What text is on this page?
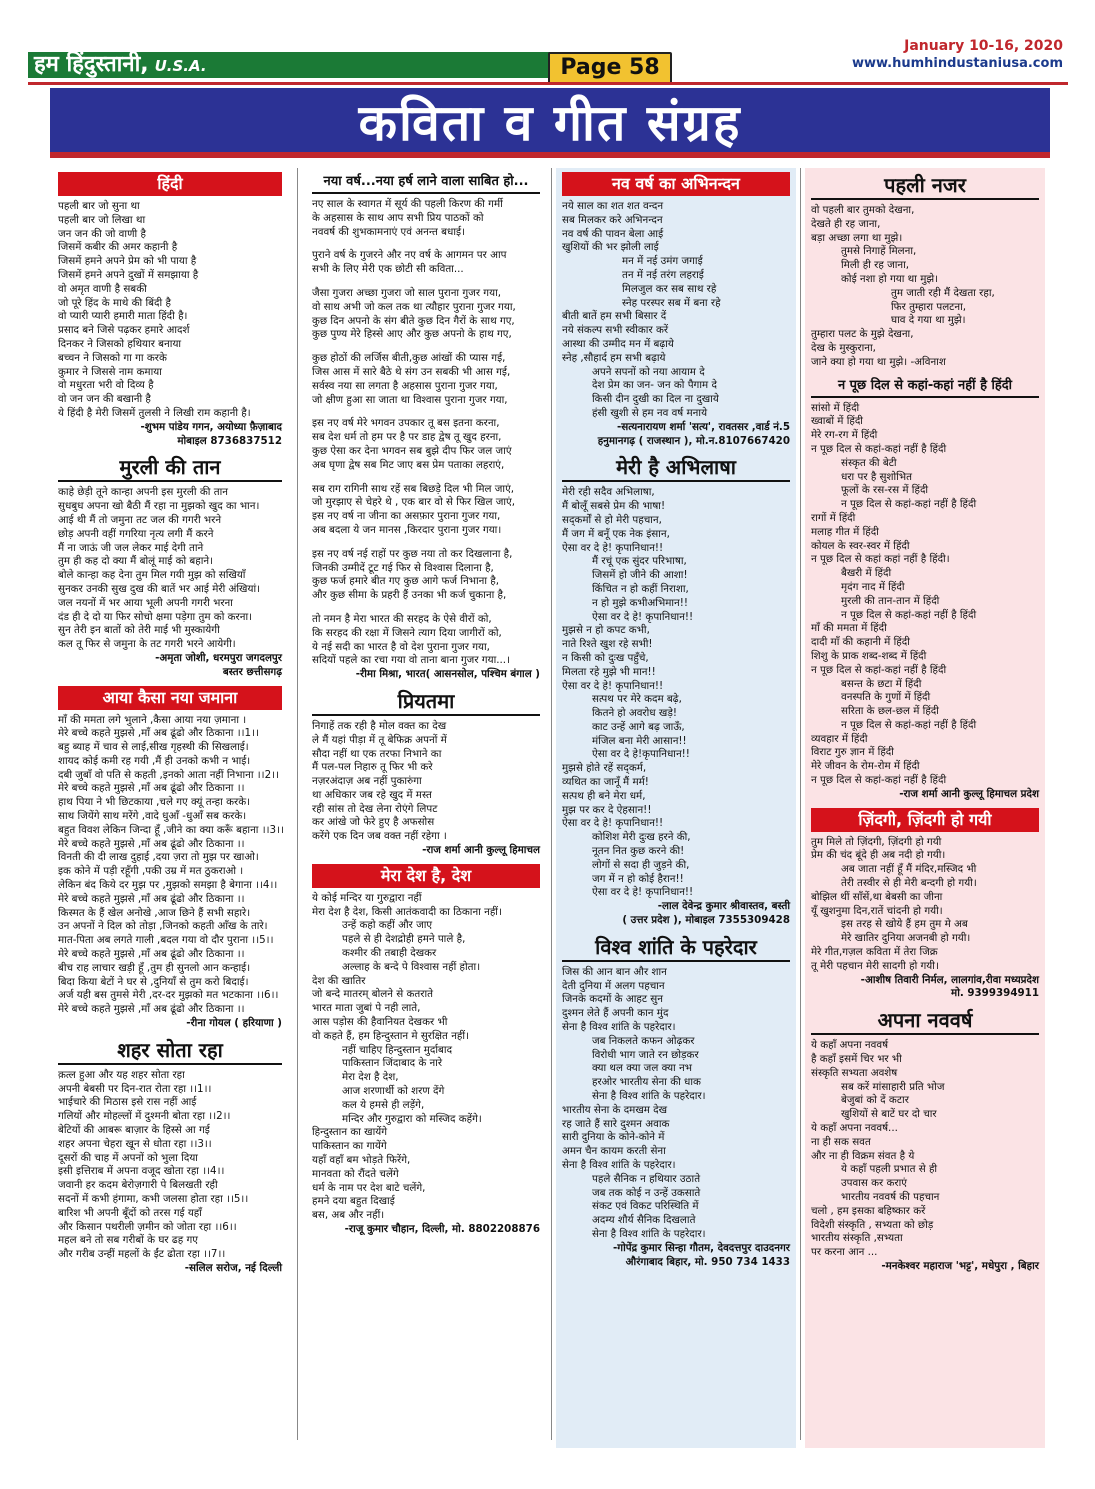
हम हिंदुस्तानी, U.S.A.	Page 58
January 10-16, 2020
www.humhindustaniusa.com
कविता व गीत संग्रह
हिंदी
पहली बार जो सुना था
पहली बार जो लिखा था
जन जन की जो वाणी है
जिसमें कबीर की अमर कहानी है
जिसमें हमने अपने प्रेम को भी पाया है
जिसमें हमने अपने दुखों में समझाया है
वो अमृत वाणी है सबकी
जो पूरे हिंद के माथे की बिंदी है
वो प्यारी प्यारी हमारी माता हिंदी है।
प्रसाद बने जिसे पढ़कर हमारे आदर्श
दिनकर ने जिसको हथियार बनाया
बच्चन ने जिसको गा गा करके
कुमार ने जिससे नाम कमाया
वो मधुरता भरी वो दिव्य है
वो जन जन की बखानी है
ये हिंदी है मेरी जिसमें तुलसी ने लिखी राम कहानी है।
-शुभम पांडेय गगन, अयोध्या फ़ैज़ाबाद
मोबाइल 8736837512
मुरली की तान
काहे छेड़ी तूने कान्हा अपनी इस मुरली की तान
सुधबुध अपना खो बैठी मैं रहा ना मुझको खुद का भान।
आई थी मैं तो जमुना तट जल की गगरी भरने
छोड़ अपनी वहीं गगरिया नृत्य लगी मैं करने
मैं ना जाऊं जी जल लेकर माई देगी ताने
तुम ही कह दो क्या मैं बोलूं माई को बहाने।
बोले कान्हा कह देना तुम मिल गयी मुझ को सखियाँ
सुनकर उनकी सुख दुख की बातें भर आई मेरी अंखियां।
जल नयनों में भर आया भूली अपनी गगरी भरना
दंड ही दे दो या फिर सोचो क्षमा पड़ेगा तुम को करना।
सुन तेरी इन बातों को तेरी माई भी मुस्कायेगी
कल तू फिर से जमुना के तट गगरी भरने आयेगी।
-अमृता जोशी, धरमपुरा जगदलपुर
बस्तर छत्तीसगढ़
आया कैसा नया जमाना
माँ की ममता लगे भुलाने ,कैसा आया नया ज़माना ।
मेरे बच्चे कहते मुझसे ,माँ अब ढूंढो और ठिकाना ।।1।।
बहु ब्याह में चाव से लाई,सीख गृहस्थी की सिखलाई।
शायद कोई कमी रह गयी ,मैं ही उनको कभी न भाई।
दबी जुबाँ वो पति से कहती ,इनको आता नहीं निभाना ।।2।।
मेरे बच्चे कहते मुझसे ,माँ अब ढूंढो और ठिकाना ।।
हाथ पिया ने भी छिटकाया ,चले गए क्यूं तन्हा करके।
साथ जियेंगे साथ मरेंगे ,वादे धुआँ -धुआँ सब करके।
बहुत विवश लेकिन जिन्दा हूँ ,जीने का क्या करूँ बहाना ।।3।।
मेरे बच्चे कहते मुझसे ,माँ अब ढूंढो और ठिकाना ।।
विनती की दी लाख दुहाई ,दया ज़रा तो मुझ पर खाओ।
इक कोने में पड़ी रहूँगी ,पकी उम्र में मत ठुकराओ ।
लेकिन बंद किये दर मुझ पर ,मुझको समझा है बेगाना ।।4।।
मेरे बच्चे कहते मुझसे ,माँ अब ढूंढो और ठिकाना ।।
किस्मत के हैं खेल अनोखे ,आज छिने हैं सभी सहारे।
उन अपनों ने दिल को तोड़ा ,जिनको कहती आँख के तारे।
मात-पिता अब लगते गाली ,बदल गया वो दौर पुराना ।।5।।
मेरे बच्चे कहते मुझसे ,माँ अब ढूंढो और ठिकाना ।।
बीच राह लाचार खड़ी हूँ ,तुम ही सुनलो आन कन्हाई।
बिदा किया बेटों ने घर से ,दुनियाँ से तुम करो बिदाई।
अर्ज यही बस तुमसे मेरी ,दर-दर मुझको मत भटकाना ।।6।।
मेरे बच्चे कहते मुझसे ,माँ अब ढूंढो और ठिकाना ।।
-रीना गोयल ( हरियाणा )
शहर सोता रहा
क़त्ल हुआ और यह शहर सोता रहा
अपनी बेबसी पर दिन-रात रोता रहा ।।1।।
भाईचारे की मिठास इसे रास नहीं आई
गलियों और मोहल्लों में दुश्मनी बोता रहा ।।2।।
बेटियों की आबरू बाज़ार के हिस्से आ गई
शहर अपना चेहरा खून से धोता रहा ।।3।।
दूसरों की चाह में अपनों को भुला दिया
इसी इत्तिराब में अपना वजूद खोता रहा ।।4।।
जवानी हर कदम बेरोज़गारी पे बिलखती रही
सदनों में कभी हंगामा, कभी जलसा होता रहा ।।5।।
बारिश भी अपनी बूँदों को तरस गई यहाँ
और किसान पथरीली ज़मीन को जोता रहा ।।6।।
महल बने तो सब गरीबों के घर ढह गए
और गरीब उन्हीं महलों के ईंट ढोता रहा ।।7।।
-सलिल सरोज, नई दिल्ली
नया वर्ष...नया हर्ष लाने वाला साबित हो...
नए साल के स्वागत में सूर्य की पहली किरण की गर्मी
के अहसास के साथ आप सभी प्रिय पाठकों को
नववर्ष की शुभकामनाएं एवं अनन्त बधाई।
पुराने वर्ष के गुजरने और नए वर्ष के आगमन पर आप
सभी के लिए मेरी एक छोटी सी कविता...
जैसा गुजरा अच्छा गुजरा जो साल पुराना गुजर गया,
वो साथ अभी जो कल तक था त्यौहार पुराना गुजर गया,
कुछ दिन अपनो के संग बीते कुछ दिन गैरों के साथ गए,
कुछ पुण्य मेरे हिस्से आए और कुछ अपनो के हाथ गए,
कुछ होठों की लर्जिस बीती,कुछ आंखों की प्यास गई,
जिस आस में सारे बैठे थे संग उन सबकी भी आस गई,
सर्वस्व नया सा लगता है अहसास पुराना गुजर गया,
जो क्षीण हुआ सा जाता था विश्वास पुराना गुजर गया,
इस नए वर्ष मेरे भगवन उपकार तू बस इतना करना,
सब देश धर्म तो हम पर है पर डाह द्वेष तू खुद हरना,
कुछ ऐसा कर देना भगवन सब बुझे दीप फिर जल जाएं
अब घृणा द्वेष सब मिट जाए बस प्रेम पताका लहराएं,
सब राग रागिनी साथ रहें सब बिछड़े दिल भी मिल जाएं,
जो मुरझाए से चेहरे थे , एक बार वो से फिर खिल जाएं,
इस नए वर्ष ना जीना का असफ़ार पुराना गुजर गया,
अब बदला ये जन मानस ,किरदार पुराना गुजर गया।
इस नए वर्ष नई राहों पर कुछ नया तो कर दिखलाना है,
जिनकी उम्मीदें टूट गई फिर से विश्वास दिलाना है,
कुछ फर्ज हमारे बीत गए कुछ आगे फर्ज निभाना है,
और कुछ सीमा के प्रहरी हैं उनका भी कर्ज चुकाना है,
तो नमन है मेरा भारत की सरहद के ऐसे वीरों को,
कि सरहद की रक्षा में जिसने त्याग दिया जागीरों को,
ये नई सदी का भारत है वो देश पुराना गुजर गया,
सदियों पहले का रचा गया वो ताना बाना गुजर गया...।
-रीमा मिश्रा, भारत( आसनसोल, पश्चिम बंगाल )
प्रियतमा
निगाहें तक रही है मोल वक्त का देख
ले मैं यहां पीड़ा में तू बेफिक्र अपनों में
सौदा नहीं था एक तरफा निभाने का
मैं पल-पल निहारु तू फिर भी करे
नज़रअंदाज़ अब नहीं पुकारुंगा
था अधिकार जब रहे खुद में मस्त
रही सांस तो देख लेना रोएंगे लिपट
कर आंखे जो फेरे हुए है अफसोस
करेंगे एक दिन जब वक्त नहीं रहेगा ।
-राज शर्मा आनी कुल्लू हिमाचल
मेरा देश है, देश
ये कोई मन्दिर या गुरुद्वारा नहीं
मेरा देश है देश, किसी आतंकवादी का ठिकाना नहीं।
उन्हें कहो कहीं और जाए
पहले से ही देशद्रोही हमने पाले है,
कश्मीर की तबाही देखकर
अल्लाह के बन्दे पे विश्वास नहीं होता।
देश की खातिर
जो बन्दे मातरम् बोलने से कतराते
भारत माता जुबां पे नही लाते,
आस पड़ोस की हैवानियत देखकर भी
वो कहते हैं, हम हिन्दुस्तान मे सुरक्षित नहीं।
नहीं चाहिए हिन्दुस्तान मुर्दाबाद
पाकिस्तान जिंदाबाद के नारे
मेरा देश है देश,
आज शरणार्थी को शरण देंगे
कल ये हमसे ही लड़ेंगे,
मन्दिर और गुरुद्वारा को मस्जिद कहेंगे।
हिन्दुस्तान का खायेंगे
पाकिस्तान का गायेंगे
यहाँ वहाँ बम भोड़ते फिरेंगे,
मानवता को रौंदते चलेंगे
धर्म के नाम पर देश बाटे चलेंगे,
हमने दया बहुत दिखाई
बस, अब और नहीं।
-राजू कुमार चौहान, दिल्ली, मो. 8802208876
नव वर्ष का अभिनन्दन
नये साल का शत शत वन्दन
सब मिलकर करे अभिनन्दन
नव वर्ष की पावन बेला आई
खुशियों की भर झोली लाई
मन में नई उमंग जगाई
तन में नई तरंग लहराई
मिलजुल कर सब साथ रहे
स्नेह परस्पर सब में बना रहे
बीती बातें हम सभी बिसार दें
नये संकल्प सभी स्वीकार करें
आस्था की उम्मीद मन में बढ़ाये
स्नेह ,सौहार्द हम सभी बढ़ाये
अपने सपनों को नया आयाम दे
देश प्रेम का जन- जन को पैगाम दे
किसी दीन दुखी का दिल ना दुखाये
हंसी खुशी से हम नव वर्ष मनाये
-सत्यनारायण शर्मा 'सत्य', रावतसर ,वार्ड नं.5
हनुमानगढ़ ( राजस्थान ), मो.न.8107667420
मेरी है अभिलाषा
मेरी रही सदैव अभिलाषा,
मैं बोलूँ सबसे प्रेम की भाषा!
सद्कर्मों से हो मेरी पहचान,
मैं जग में बनूँ एक नेक इंसान,
ऐसा वर दे हे! कृपानिधान!!
मैं रचूं एक सुंदर परिभाषा,
जिसमें हो जीने की आशा!
किंचित न हो कहीं निराशा,
न हो मुझे कभीअभिमान!!
ऐसा वर दे हे! कृपानिधान!!
मुझसे न हो कपट कभी,
नाते रिश्ते खुश रहे सभी!
न किसी को दुःख पहुँचे,
मिलता रहे मुझे भी मान!!
ऐसा वर दे हे! कृपानिधान!!
सत्पथ पर मेरे कदम बढ़े,
कितने हो अवरोध खड़े!
काट उन्हें आगे बढ़ जाऊँ,
मंजिल बना मेरी आसान!!
ऐसा वर दे हे!कृपानिधान!!
मुझसे होते रहें सद्कर्म,
व्यथित का जानूँ मैं मर्म!
सत्पथ ही बने मेरा धर्म,
मुझ पर कर दे ऐहसान!!
ऐसा वर दे हे! कृपानिधान!!
कोशिश मेरी दुःख हरने की,
नूतन नित कुछ करने की!
लोगों से सदा ही जुड़ने की,
जग में न हो कोई हैरान!!
ऐसा वर दे हे! कृपानिधान!!
-लाल देवेन्द्र कुमार श्रीवास्तव, बस्ती
( उत्तर प्रदेश ), मोबाइल 7355309428
विश्व शांति के पहरेदार
जिस की आन बान और शान
देती दुनिया में अलग पहचान
जिनके कदमों के आहट सुन
दुश्मन लेते हैं अपनी कान मुंद
सेना है विश्व शांति के पहरेदार।
जब निकलते कफन ओढ़कर
विरोधी भाग जाते रन छोड़कर
क्या थल क्या जल क्या नभ
हरओर भारतीय सेना की धाक
सेना है विश्व शांति के पहरेदार।
भारतीय सेना के दमखम देख
रह जाते हैं सारे दुश्मन अवाक
सारी दुनिया के कोने-कोने में
अमन चैन कायम करती सेना
सेना है विश्व शांति के पहरेदार।
पहले सैनिक न हथियार उठाते
जब तक कोई न उन्हें उकसाते
संकट एवं विकट परिस्थिति में
अदम्य शौर्य सैनिक दिखलाते
सेना है विश्व शांति के पहरेदार।
-गोपेंद्र कुमार सिन्हा गौतम, देवदत्तपुर दाउदनगर
औरंगाबाद बिहार, मो. 950 734 1433
पहली नजर
वो पहली बार तुमको देखना,
देखते ही रह जाना,
बड़ा अच्छा लगा था मुझे।
तुमसे निगाहें मिलना,
मिली ही रह जाना,
कोई नशा हो गया था मुझे।
तुम जाती रही मैं देखता रहा,
फिर तुम्हारा पलटना,
घाव दे गया था मुझे।
तुम्हारा पलट के मुझे देखना,
देख के मुस्कुराना,
जाने क्या हो गया था मुझे। -अविनाश
न पूछ दिल से कहां-कहां नहीं है हिंदी
सांसो में हिंदी
ख्वाबों में हिंदी
मेरे रग-रग में हिंदी
न पूछ दिल से कहां-कहां नहीं है हिंदी
संस्कृत की बेटी
धरा पर है सुशोभित
फूलों के रस-रस में हिंदी
न पूछ दिल से कहां-कहां नहीं है हिंदी
रागों में हिंदी
मलाह गीत में हिंदी
कोयल के स्वर-स्वर में हिंदी
न पूछ दिल से कहां कहां नहीं है हिंदी।
बैखरी में हिंदी
मृदंग नाद में हिंदी
मुरली की तान-तान में हिंदी
न पूछ दिल से कहां-कहां नहीं है हिंदी
माँ की ममता में हिंदी
दादी माँ की कहानी में हिंदी
शिशु के प्राक शब्द-शब्द में हिंदी
न पूछ दिल से कहां-कहां नहीं है हिंदी
बसन्त के छटा में हिंदी
वनस्पति के गुणों में हिंदी
सरिता के छल-छल में हिंदी
न पूछ दिल से कहां-कहां नहीं है हिंदी
व्यवहार में हिंदी
विराट गुरु ज्ञान में हिंदी
मेरे जीवन के रोम-रोम में हिंदी
न पूछ दिल से कहां-कहां नहीं है हिंदी
-राज शर्मा आनी कुल्लू हिमाचल प्रदेश
ज़िंदगी, ज़िंदगी हो गयी
तुम मिले तो ज़िंदगी, ज़िंदगी हो गयी
प्रेम की चंद बूंदे ही अब नदी हो गयी।
अब जाता नहीं हूँ मैं मंदिर,मस्जिद भी
तेरी तस्वीर से ही मेरी बन्दगी हो गयी।
बोझिल थीं साँसें,था बेबसी का जीना
यूँ खुशनुमा दिन,रातें चांदनी हो गयी।
इस तरह से खोये हैं हम तुम मे अब
मेरे खातिर दुनिया अजनबी हो गयी।
मेरे गीत,गज़ल कविता में तेरा जिक्र
तू मेरी पहचान मेरी सादगी हो गयी।
-आशीष तिवारी निर्मल, लालगांव,रीवा मध्यप्रदेश
मो. 9399394911
अपना नववर्ष
ये कहाँ अपना नववर्ष
है कहाँ इसमें चिर भर भी
संस्कृति सभ्यता अवशेष
सब करें मांसाहारी प्रति भोज
बेजुबां को दें कटार
खुशियों से बाटें घर दो चार
ये कहाँ अपना नववर्ष...
ना ही सक सवत
और ना ही विक्रम संवत है ये
ये कहाँ पहली प्रभात से ही
उपवास कर कराएं
भारतीय नववर्ष की पहचान
चलो , हम इसका बहिष्कार करें
विदेशी संस्कृति , सभ्यता को छोड़
भारतीय संस्कृति ,सभ्यता
पर करना आन ...
-मनकेश्वर महाराज 'भट्ट', मधेपुरा , बिहार
